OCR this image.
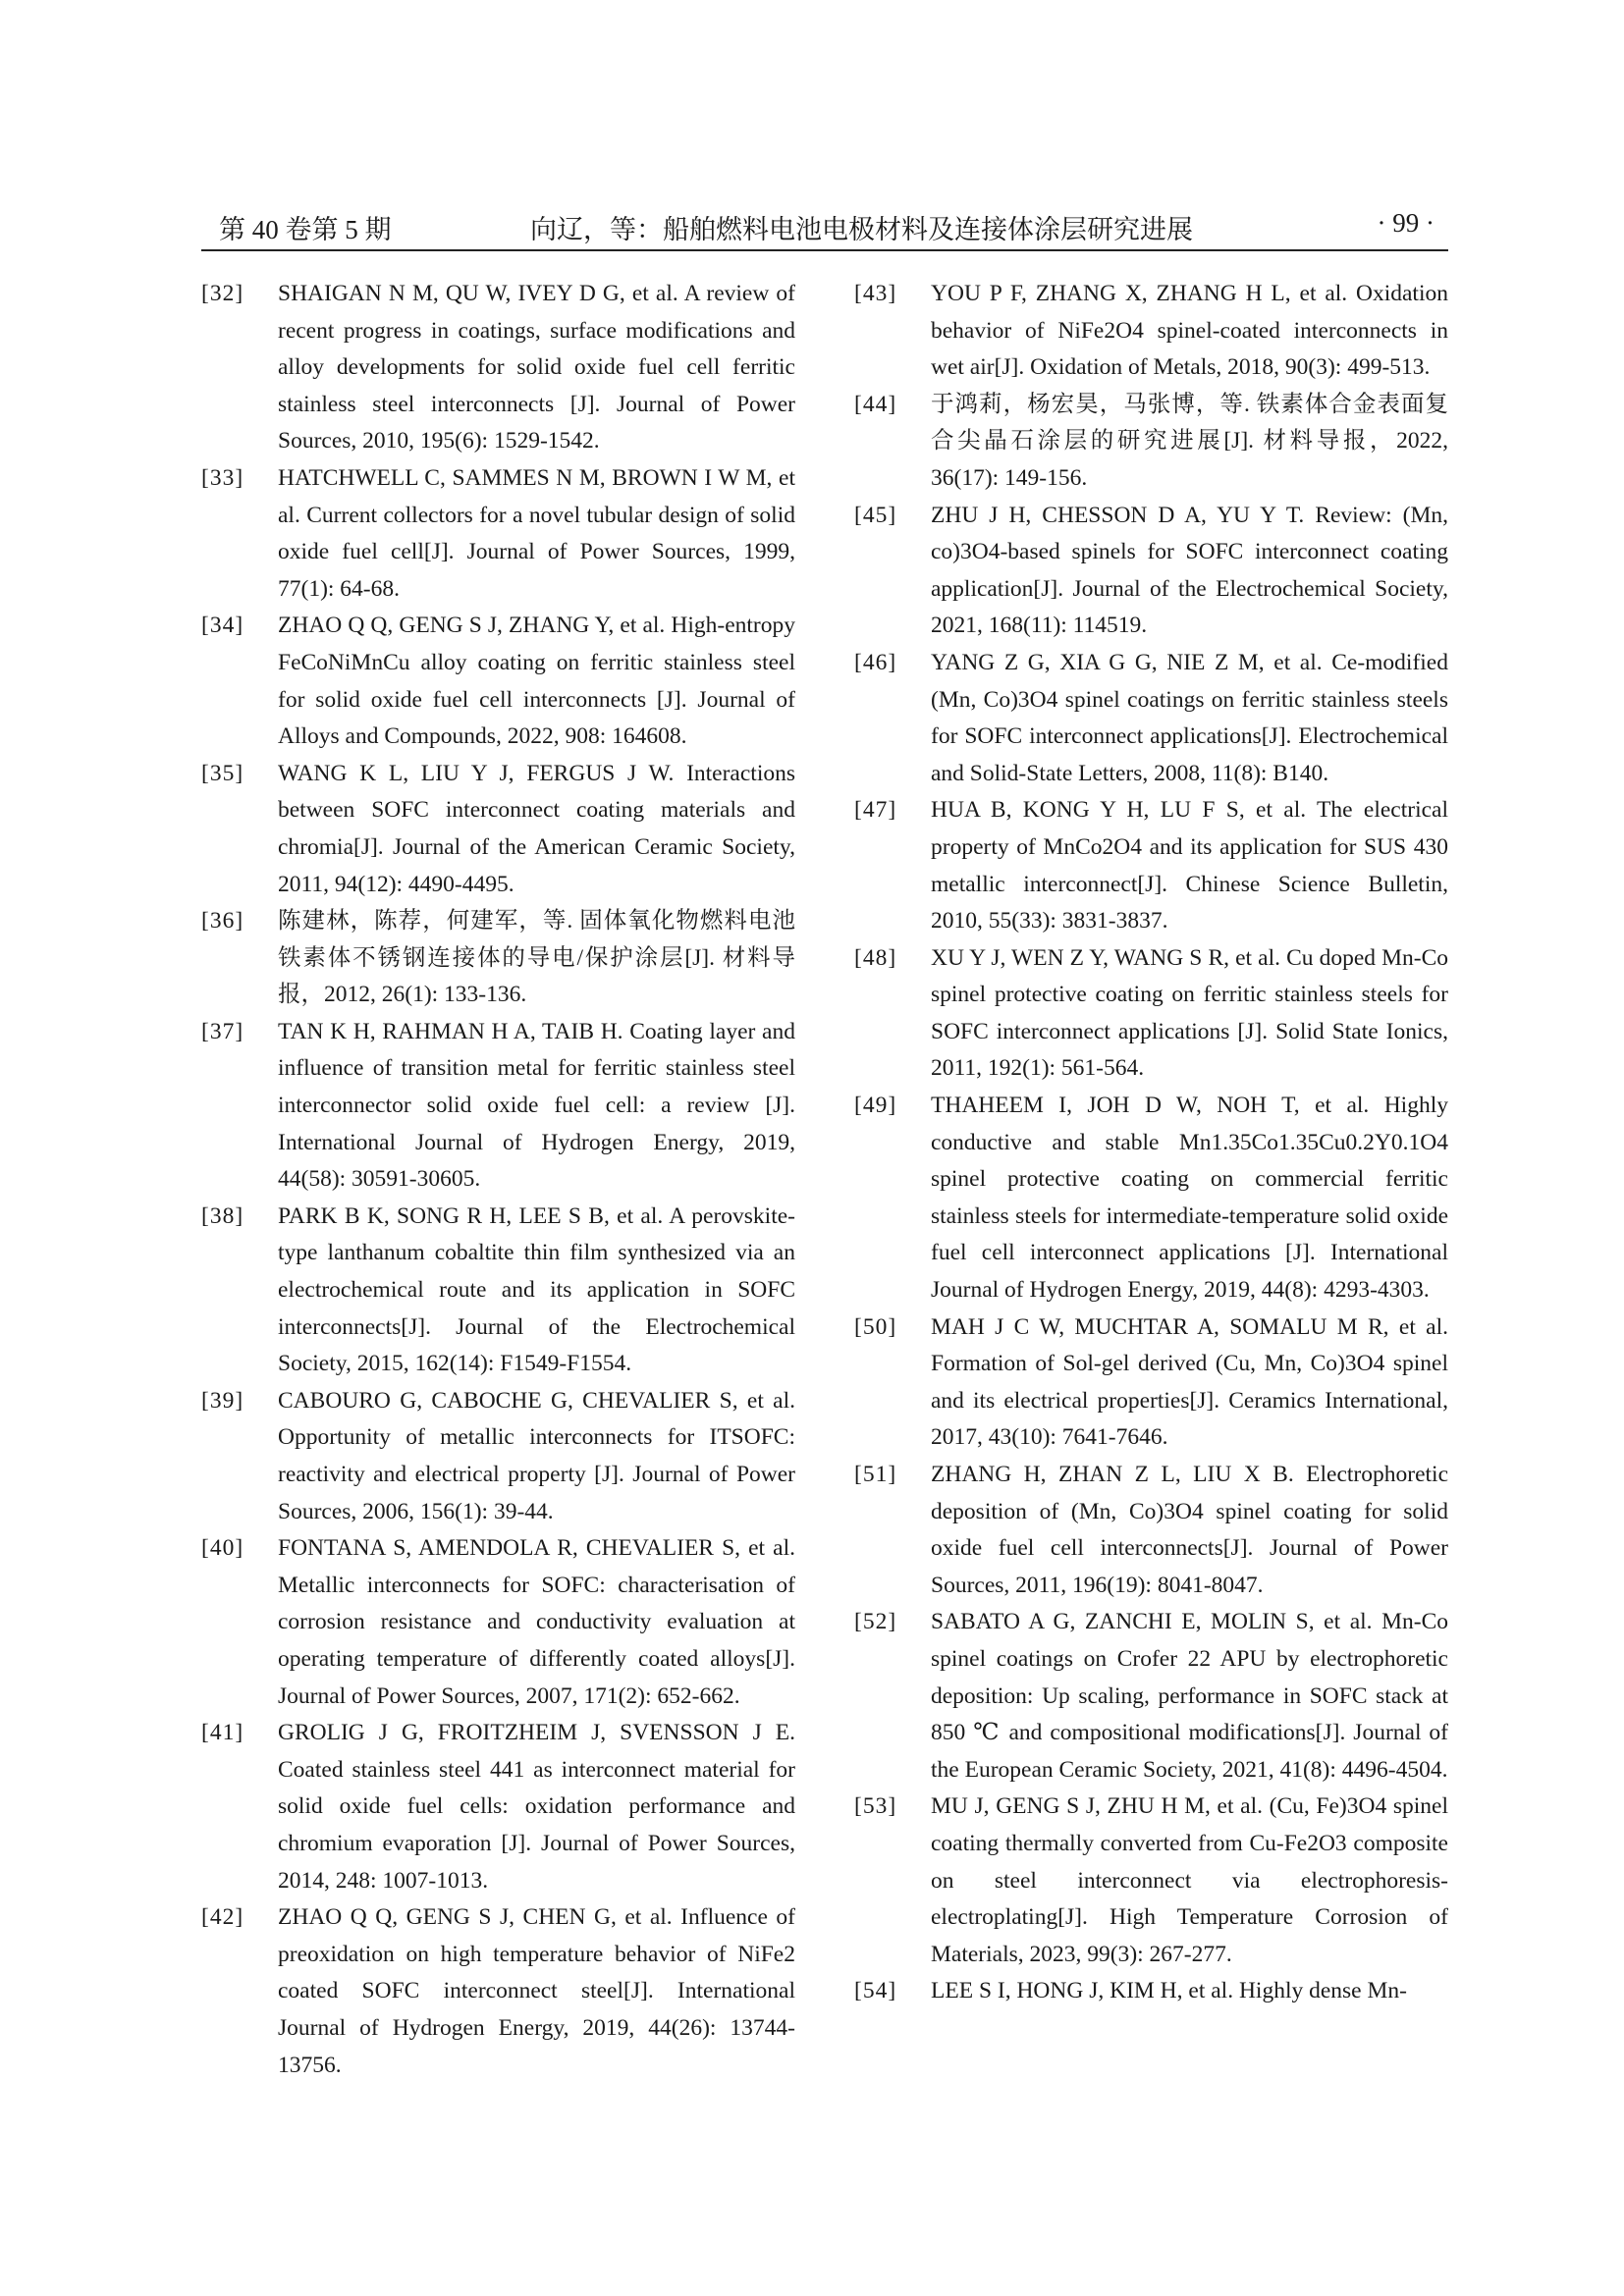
第 40 卷第 5 期	向辽，等：船舶燃料电池电极材料及连接体涂层研究进展	· 99 ·
[32] SHAIGAN N M, QU W, IVEY D G, et al. A review of recent progress in coatings, surface modifications and alloy developments for solid oxide fuel cell ferritic stainless steel interconnects [J]. Journal of Power Sources, 2010, 195(6): 1529-1542.
[33] HATCHWELL C, SAMMES N M, BROWN I W M, et al. Current collectors for a novel tubular design of solid oxide fuel cell[J]. Journal of Power Sources, 1999, 77(1): 64-68.
[34] ZHAO Q Q, GENG S J, ZHANG Y, et al. High-entropy FeCoNiMnCu alloy coating on ferritic stainless steel for solid oxide fuel cell interconnects [J]. Journal of Alloys and Compounds, 2022, 908: 164608.
[35] WANG K L, LIU Y J, FERGUS J W. Interactions between SOFC interconnect coating materials and chromia[J]. Journal of the American Ceramic Society, 2011, 94(12): 4490-4495.
[36] 陈建林，陈荐，何建军，等. 固体氧化物燃料电池铁素体不锈钢连接体的导电/保护涂层[J]. 材料导报，2012, 26(1): 133-136.
[37] TAN K H, RAHMAN H A, TAIB H. Coating layer and influence of transition metal for ferritic stainless steel interconnector solid oxide fuel cell: a review [J]. International Journal of Hydrogen Energy, 2019, 44(58): 30591-30605.
[38] PARK B K, SONG R H, LEE S B, et al. A perovskite-type lanthanum cobaltite thin film synthesized via an electrochemical route and its application in SOFC interconnects[J]. Journal of the Electrochemical Society, 2015, 162(14): F1549-F1554.
[39] CABOURO G, CABOCHE G, CHEVALIER S, et al. Opportunity of metallic interconnects for ITSOFC: reactivity and electrical property [J]. Journal of Power Sources, 2006, 156(1): 39-44.
[40] FONTANA S, AMENDOLA R, CHEVALIER S, et al. Metallic interconnects for SOFC: characterisation of corrosion resistance and conductivity evaluation at operating temperature of differently coated alloys[J]. Journal of Power Sources, 2007, 171(2): 652-662.
[41] GROLIG J G, FROITZHEIM J, SVENSSON J E. Coated stainless steel 441 as interconnect material for solid oxide fuel cells: oxidation performance and chromium evaporation [J]. Journal of Power Sources, 2014, 248: 1007-1013.
[42] ZHAO Q Q, GENG S J, CHEN G, et al. Influence of preoxidation on high temperature behavior of NiFe2 coated SOFC interconnect steel[J]. International Journal of Hydrogen Energy, 2019, 44(26): 13744-13756.
[43] YOU P F, ZHANG X, ZHANG H L, et al. Oxidation behavior of NiFe2O4 spinel-coated interconnects in wet air[J]. Oxidation of Metals, 2018, 90(3): 499-513.
[44] 于鸿莉，杨宏昊，马张博，等. 铁素体合金表面复合尖晶石涂层的研究进展[J]. 材料导报，2022, 36(17): 149-156.
[45] ZHU J H, CHESSON D A, YU Y T. Review: (Mn, co)3O4-based spinels for SOFC interconnect coating application[J]. Journal of the Electrochemical Society, 2021, 168(11): 114519.
[46] YANG Z G, XIA G G, NIE Z M, et al. Ce-modified (Mn, Co)3O4 spinel coatings on ferritic stainless steels for SOFC interconnect applications[J]. Electrochemical and Solid-State Letters, 2008, 11(8): B140.
[47] HUA B, KONG Y H, LU F S, et al. The electrical property of MnCo2O4 and its application for SUS 430 metallic interconnect[J]. Chinese Science Bulletin, 2010, 55(33): 3831-3837.
[48] XU Y J, WEN Z Y, WANG S R, et al. Cu doped Mn-Co spinel protective coating on ferritic stainless steels for SOFC interconnect applications [J]. Solid State Ionics, 2011, 192(1): 561-564.
[49] THAHEEM I, JOH D W, NOH T, et al. Highly conductive and stable Mn1.35Co1.35Cu0.2Y0.1O4 spinel protective coating on commercial ferritic stainless steels for intermediate-temperature solid oxide fuel cell interconnect applications [J]. International Journal of Hydrogen Energy, 2019, 44(8): 4293-4303.
[50] MAH J C W, MUCHTAR A, SOMALU M R, et al. Formation of Sol-gel derived (Cu, Mn, Co)3O4 spinel and its electrical properties[J]. Ceramics International, 2017, 43(10): 7641-7646.
[51] ZHANG H, ZHAN Z L, LIU X B. Electrophoretic deposition of (Mn, Co)3O4 spinel coating for solid oxide fuel cell interconnects[J]. Journal of Power Sources, 2011, 196(19): 8041-8047.
[52] SABATO A G, ZANCHI E, MOLIN S, et al. Mn-Co spinel coatings on Crofer 22 APU by electrophoretic deposition: Up scaling, performance in SOFC stack at 850 ℃ and compositional modifications[J]. Journal of the European Ceramic Society, 2021, 41(8): 4496-4504.
[53] MU J, GENG S J, ZHU H M, et al. (Cu, Fe)3O4 spinel coating thermally converted from Cu-Fe2O3 composite on steel interconnect via electrophoresis-electroplating[J]. High Temperature Corrosion of Materials, 2023, 99(3): 267-277.
[54] LEE S I, HONG J, KIM H, et al. Highly dense Mn-
